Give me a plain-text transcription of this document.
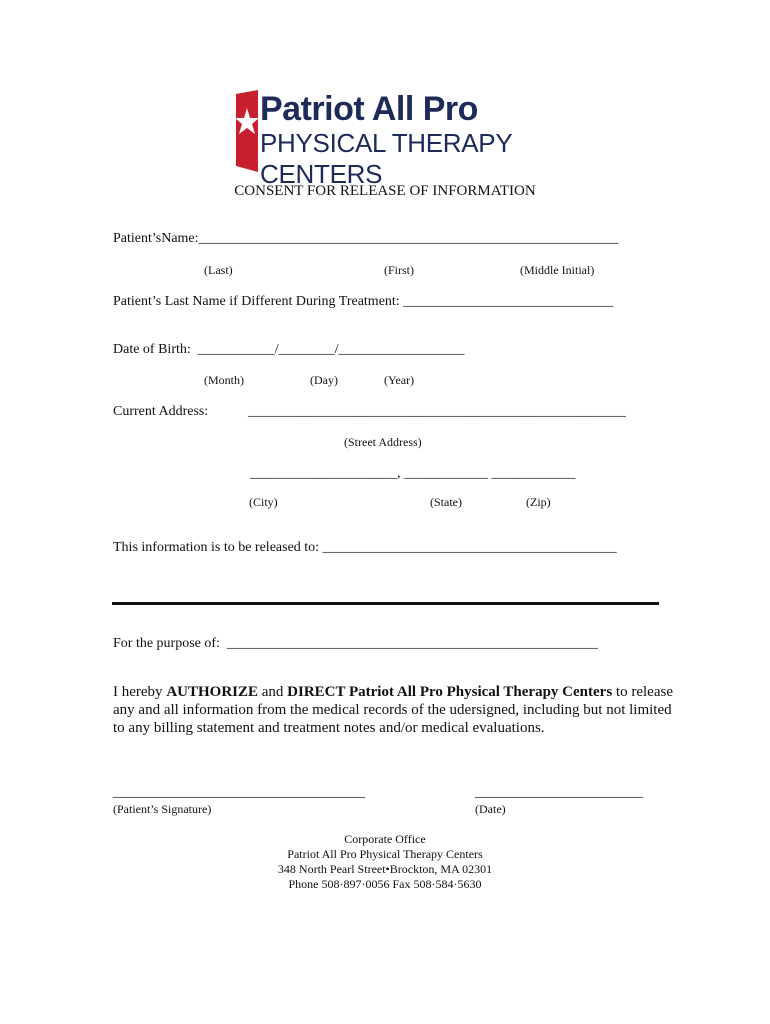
Patriot All Pro
PHYSICAL THERAPY CENTERS
CONSENT FOR RELEASE OF INFORMATION
Patient’sName:____________________________________________________________
(Last)	(First)	(Middle Initial)
Patient’s Last Name if Different During Treatment: ______________________________
Date of Birth:  ___________/________/__________________
(Month)	(Day)	(Year)
Current Address:	______________________________________________________
(Street Address)
_____________________, ____________ ____________
(City)	(State)	(Zip)
This information is to be released to: __________________________________________
For the purpose of:  _____________________________________________________
I hereby AUTHORIZE and DIRECT Patriot All Pro Physical Therapy Centers to release any and all information from the medical records of the udersigned, including but not limited to any billing statement and treatment notes and/or medical evaluations.
____________________________________
(Patient’s Signature)
________________________
(Date)
Corporate Office
Patriot All Pro Physical Therapy Centers
348 North Pearl Street•Brockton, MA 02301
Phone 508·897·0056 Fax 508·584·5630
